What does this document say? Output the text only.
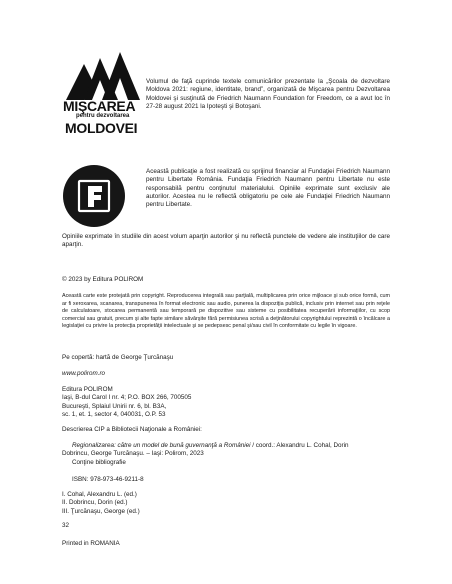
MIŞCAREA
pentru dezvoltarea
MOLDOVEI
Volumul de faţă cuprinde textele comunicărilor prezentate la „Şcoala de dezvoltare Moldova 2021: regiune, identitate, brand”, organizată de Mişcarea pentru Dezvoltarea Moldovei şi susţinută de Friedrich Naumann Foundation for Freedom, ce a avut loc în 27-28 august 2021 la Ipoteşti şi Botoşani.
Această publicaţie a fost realizată cu sprijinul financiar al Fundaţiei Friedrich Naumann pentru Libertate România. Fundaţia Friedrich Naumann pentru Libertate nu este responsabilă pentru conţinutul materialului. Opiniile exprimate sunt exclusiv ale autorilor. Acestea nu le reflectă obligatoriu pe cele ale Fundaţiei Friedrich Naumann pentru Libertate.
Opiniile exprimate în studiile din acest volum aparţin autorilor şi nu reflectă punctele de vedere ale instituţiilor de care aparţin.
© 2023 by Editura POLIROM
Această carte este protejată prin copyright. Reproducerea integrală sau parţială, multiplicarea prin orice mijloace şi sub orice formă, cum ar fi xeroxarea, scanarea, transpunerea în format electronic sau audio, punerea la dispoziţia publică, inclusiv prin internet sau prin reţele de calculatoare, stocarea permanentă sau temporară pe dispozitive sau sisteme cu posibilitatea recuperării informaţiilor, cu scop comercial sau gratuit, precum şi alte fapte similare săvârşite fără permisiunea scrisă a deţinătorului copyrightului reprezintă o încălcare a legislaţiei cu privire la protecţia proprietăţii intelectuale şi se pedepsesc penal şi/sau civil în conformitate cu legile în vigoare.
Pe copertă: hartă de George Ţurcănaşu
www.polirom.ro
Editura POLIROM
Iaşi, B-dul Carol I nr. 4; P.O. BOX 266, 700505
Bucureşti, Splaiul Unirii nr. 6, bl. B3A,
sc. 1, et. 1, sector 4, 040031, O.P. 53
Descrierea CIP a Bibliotecii Naţionale a României:
Regionalizarea: către un model de bună guvernanţă a României / coord.: Alexandru L. Cohal, Dorin
Dobrincu, George Turcănaşu. – Iaşi: Polirom, 2023
Conţine bibliografie
ISBN: 978-973-46-9211-8
I. Cohal, Alexandru L. (ed.)
II. Dobrincu, Dorin (ed.)
III. Ţurcănaşu, George (ed.)
32
Printed in ROMANIA
